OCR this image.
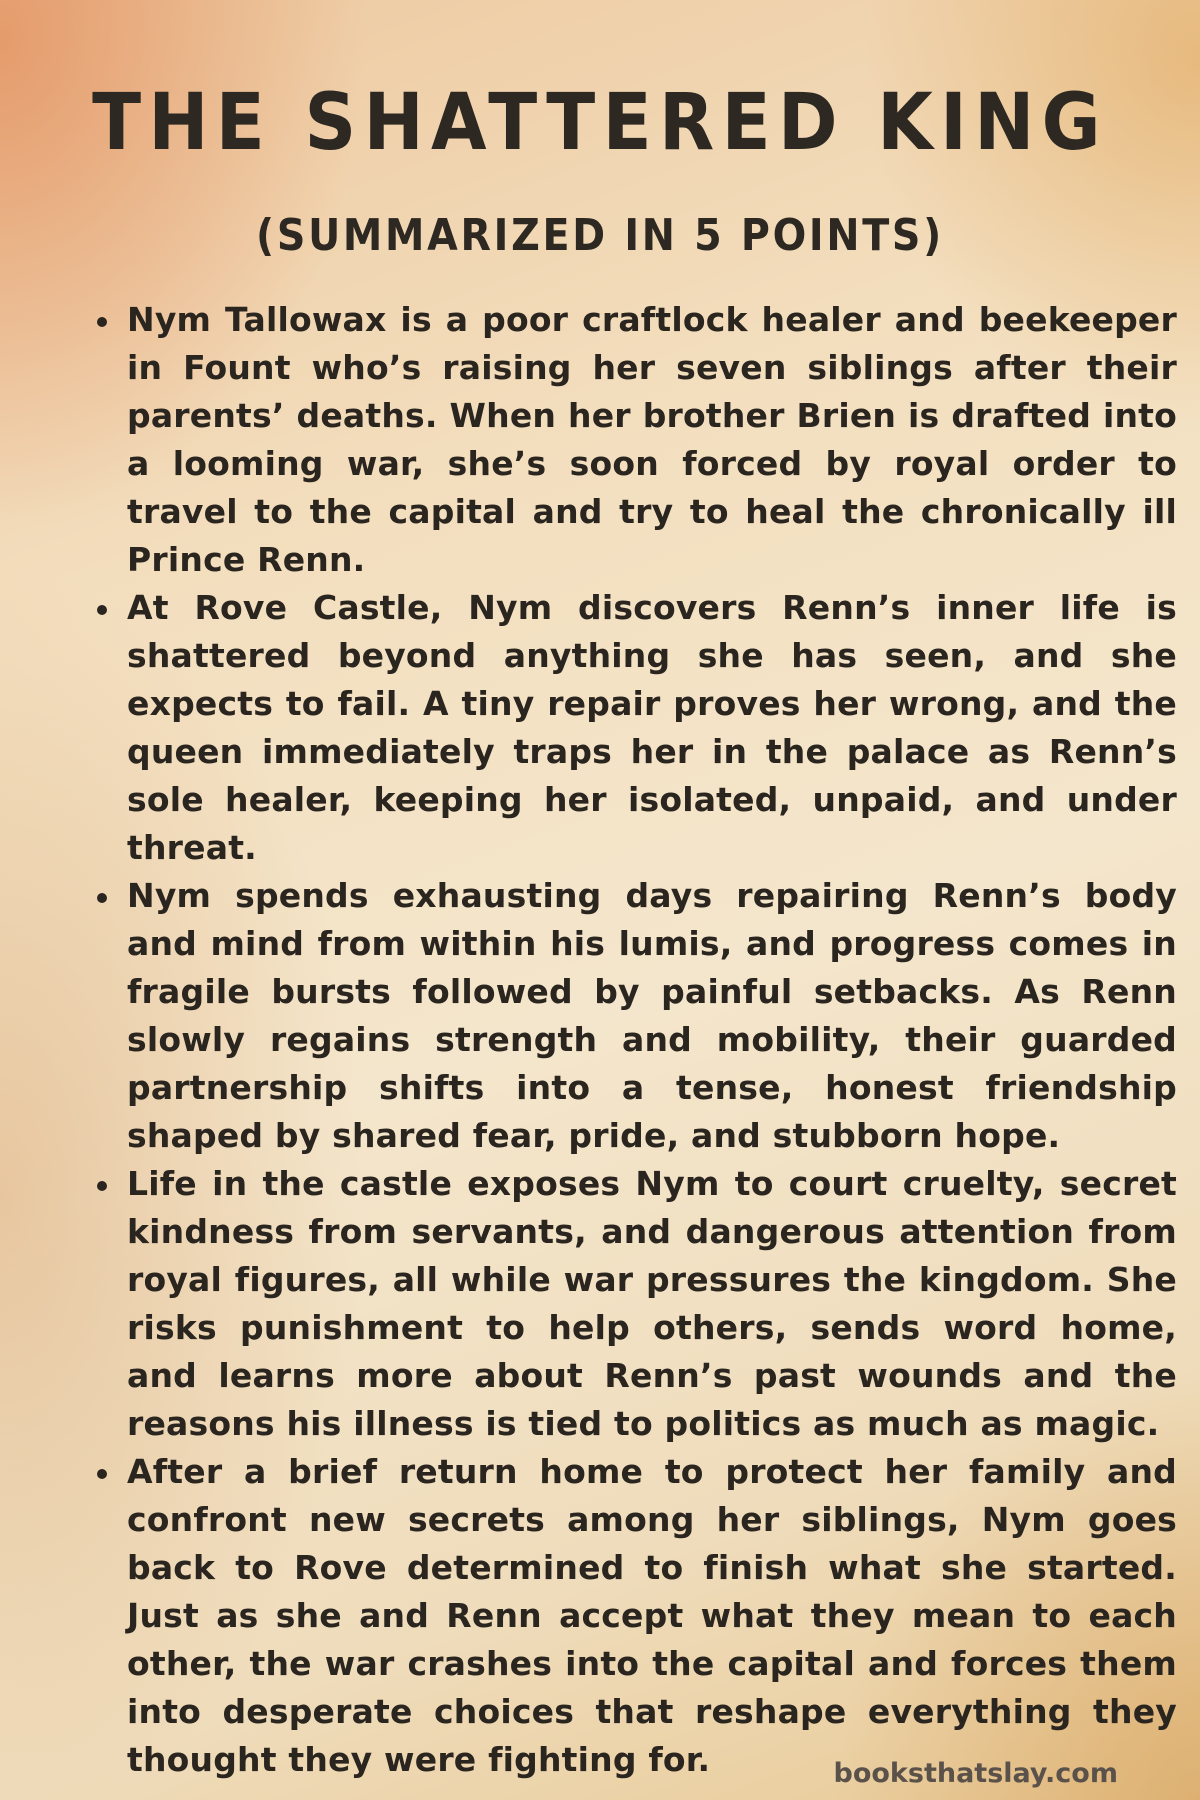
THE SHATTERED KING
(SUMMARIZED IN 5 POINTS)
Nym Tallowax is a poor craftlock healer and beekeeper in Fount who’s raising her seven siblings after their parents’ deaths. When her brother Brien is drafted into a looming war, she’s soon forced by royal order to travel to the capital and try to heal the chronically ill Prince Renn.
At Rove Castle, Nym discovers Renn’s inner life is shattered beyond anything she has seen, and she expects to fail. A tiny repair proves her wrong, and the queen immediately traps her in the palace as Renn’s sole healer, keeping her isolated, unpaid, and under threat.
Nym spends exhausting days repairing Renn’s body and mind from within his lumis, and progress comes in fragile bursts followed by painful setbacks. As Renn slowly regains strength and mobility, their guarded partnership shifts into a tense, honest friendship shaped by shared fear, pride, and stubborn hope.
Life in the castle exposes Nym to court cruelty, secret kindness from servants, and dangerous attention from royal figures, all while war pressures the kingdom. She risks punishment to help others, sends word home, and learns more about Renn’s past wounds and the reasons his illness is tied to politics as much as magic.
After a brief return home to protect her family and confront new secrets among her siblings, Nym goes back to Rove determined to finish what she started. Just as she and Renn accept what they mean to each other, the war crashes into the capital and forces them into desperate choices that reshape everything they thought they were fighting for.	booksthatslay.com
